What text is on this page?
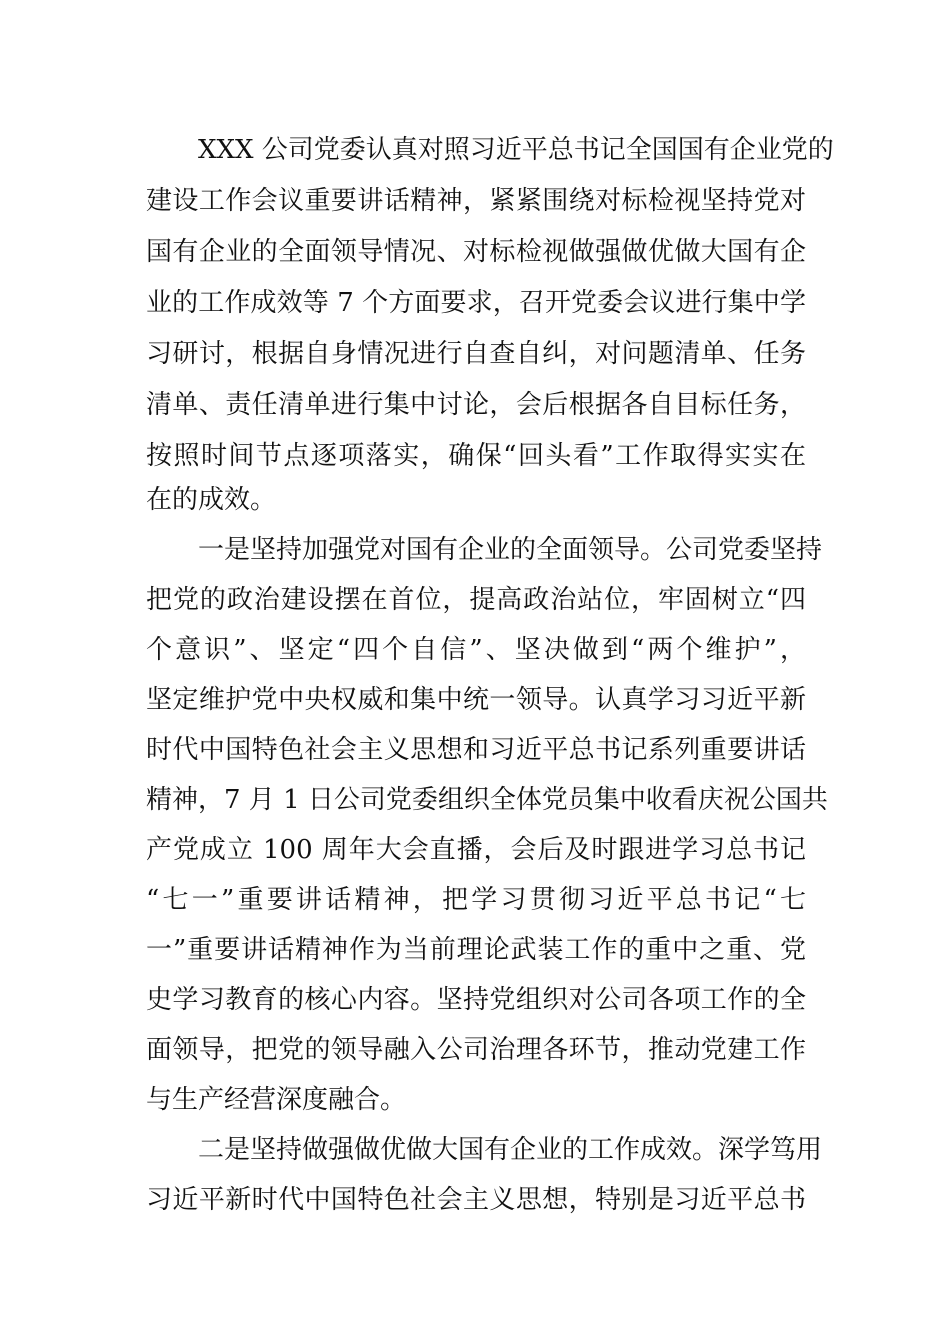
　　XXX 公司党委认真对照习近平总书记全国国有企业党的

建设工作会议重要讲话精神，紧紧围绕对标检视坚持党对

国有企业的全面领导情况、对标检视做强做优做大国有企

业的工作成效等 7 个方面要求，召开党委会议进行集中学

习研讨，根据自身情况进行自查自纠，对问题清单、任务

清单、责任清单进行集中讨论，会后根据各自目标任务，

按照时间节点逐项落实，确保“回头看”工作取得实实在

在的成效。

　　一是坚持加强党对国有企业的全面领导。公司党委坚持

把党的政治建设摆在首位，提高政治站位，牢固树立“四

个意识”、坚定“四个自信”、坚决做到“两个维护”，

坚定维护党中央权威和集中统一领导。认真学习习近平新

时代中国特色社会主义思想和习近平总书记系列重要讲话

精神，7 月 1 日公司党委组织全体党员集中收看庆祝公国共

产党成立 100 周年大会直播，会后及时跟进学习总书记

“七一”重要讲话精神，把学习贯彻习近平总书记“七

一”重要讲话精神作为当前理论武装工作的重中之重、党

史学习教育的核心内容。坚持党组织对公司各项工作的全

面领导，把党的领导融入公司治理各环节，推动党建工作

与生产经营深度融合。

　　二是坚持做强做优做大国有企业的工作成效。深学笃用

习近平新时代中国特色社会主义思想，特别是习近平总书
